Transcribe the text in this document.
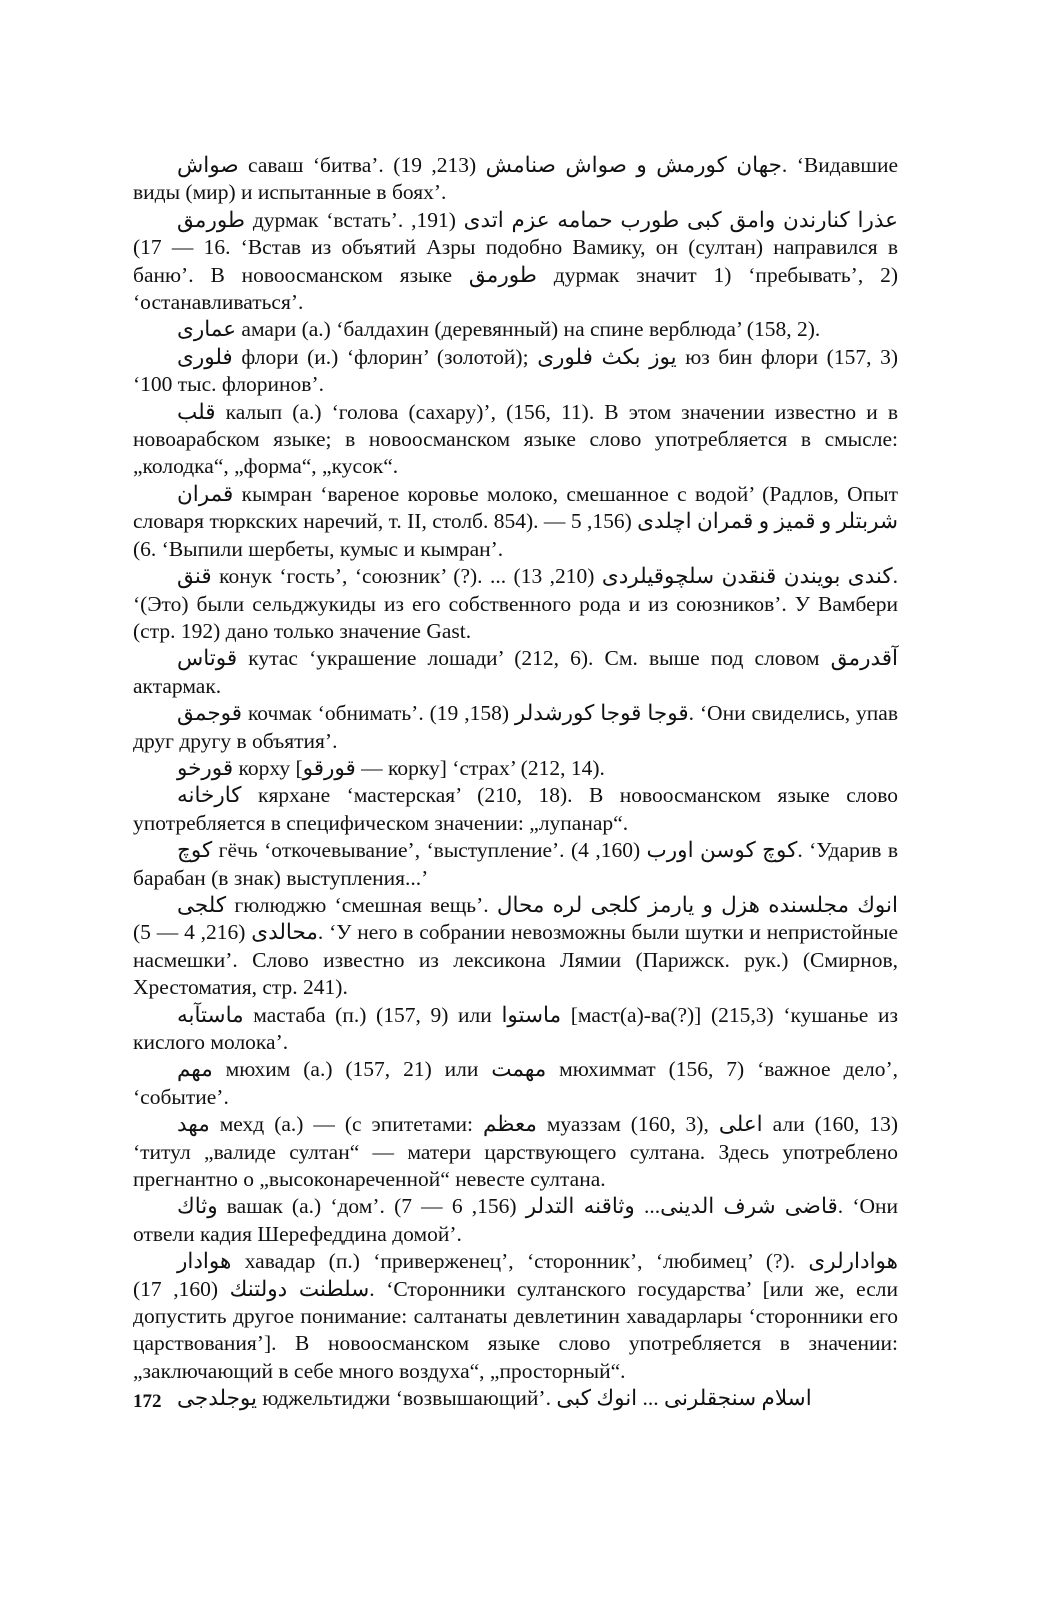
صواش саваш ‘битва’. جهان كورمش و صواش صنامش (213, 19). ‘Видавшие виды (мир) и испытанные в боях’.

طورمق дурмак ‘встать’. عذرا كنارندن وامق كبى طورب حمامه عزم اتدى (191, 16 — 17). ‘Встав из объятий Азры подобно Вамику, он (султан) направился в баню’. В новоосманском языке طورمق дурмак значит 1) ‘пребывать’, 2) ‘останавливаться’.

عمارى амари (а.) ‘балдахин (деревянный) на спине верблюда’ (158, 2).

فلورى флори (и.) ‘флорин’ (золотой); يوز بكث فلورى юз бин флори (157, 3) ‘100 тыс. флоринов’.

قلب калып (а.) ‘голова (сахару)’, (156, 11). В этом значении известно и в новоарабском языке; в новоосманском языке слово употребляется в смысле: „колодка“, „форма“, „кусок“.

قمران кымран ‘вареное коровье молоко, смешанное с водой’ (Радлов, Опыт словаря тюркских наречий, т. II, столб. 854). شربتلر و قميز و قمران اچلدى (156, 5 — 6). ‘Выпили шербеты, кумыс и кымран’.

قنق конук ‘гость’, ‘союзник’ (?). ... كندى بويندن قنقدن سلچوقيلردى (210, 13). ‘(Это) были сельджукиды из его собственного рода и из союзников’. У Вамбери (стр. 192) дано только значение Gast.

قوتاس кутас ‘украшение лошади’ (212, 6). См. выше под словом آقدرمق актармак.

قوجمق кочмак ‘обнимать’. قوجا قوجا كورشدلر (158, 19). ‘Они свиделись, упав друг другу в объятия’.

قورخو корху [قورقو — корку] ‘страх’ (212, 14).

كارخانه кярхане ‘мастерская’ (210, 18). В новоосманском языке слово употребляется в специфическом значении: „лупанар“.

كوچ гёчь ‘откочевывание’, ‘выступление’. كوچ كوسن اورب (160, 4). ‘Ударив в барабан (в знак) выступления...’

كلجى гюлюджю ‘смешная вещь’. انوك مجلسنده هزل و يارمز كلجى لره محال محالدى (216, 4 — 5). ‘У него в собрании невозможны были шутки и непристойные насмешки’. Слово известно из лексикона Лямии (Парижск. рук.) (Смирнов, Хрестоматия, стр. 241).

ماستآبه мастаба (п.) (157, 9) или ماستوا [маст(а)-ва(?)] (215,3) ‘кушанье из кислого молока’.

مهم мюхим (а.) (157, 21) или مهمت мюхиммат (156, 7) ‘важное дело’, ‘событие’.

مهد мехд (а.) — (с эпитетами: معظم муаззам (160, 3), اعلى али (160, 13) ‘титул „валиде султан“ — матери царствующего султана. Здесь употреблено прегнантно о „высоконареченной“ невесте султана.

وثاك вашак (а.) ‘дом’. قاضى شرف الدينى... وثاقنه التدلر (156, 6 — 7). ‘Они отвели кадия Шерефеддина домой’.

هوادار хавадар (п.) ‘приверженец’, ‘сторонник’, ‘любимец’ (?). هوادارلرى سلطنت دولتنك (160, 17). ‘Сторонники султанского государства’ [или же, если допустить другое понимание: салтанаты девлетинин хавадарлары ‘сторонники его царствования’]. В новоосманском языке слово употребляется в значении: „заключающий в себе много воздуха“, „просторный“.

يوجلدجى юджельтиджи ‘возвышающий’. اسلام سنجقلرنى ... انوك كبى

172
